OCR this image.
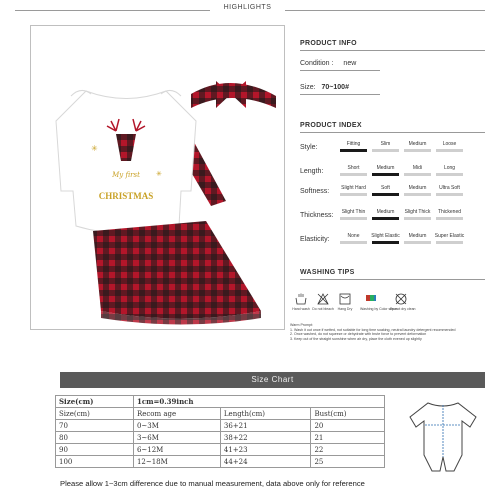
HIGHLIGHTS
✳
✳
My first
CHRISTMAS
PRODUCT INFO
Condition : new
Size: 70~100#
PRODUCT INDEX
Style:	Fitting	Slim	Medium	Loose
Length:	Short	Medium	Midi	Long
Softness:	Slight Hard	Soft	Medium	Ultra Soft
Thickness:	Slight Thin	Medium	Slight Thick	Thickened
Elasticity:	None	Slight Elastic	Medium	Super Elastic
WASHING TIPS
Hand wash Do not bleach	Hang Dry	Washing by Color separ
Do not dry clean
Warm Prompt:
1. Wash it out once if wetted, not suitable for long time soaking, neutral laundry detergent recommended
2. Once washed, do not squeeze or dehydrate with brute force to prevent deformation
3. Keep out of the straight sunshine when air dry, place the cloth evened up slightly
Size Chart
Size(cm)	1cm=0.39inch		
Size(cm)	Recom age	Length(cm)	Bust(cm)
70	0~3M	36+21	20
80	3~6M	38+22	21
90	6~12M	41+23	22
100	12~18M	44+24	25
Please allow 1~3cm difference due to manual measurement, data above only for reference
